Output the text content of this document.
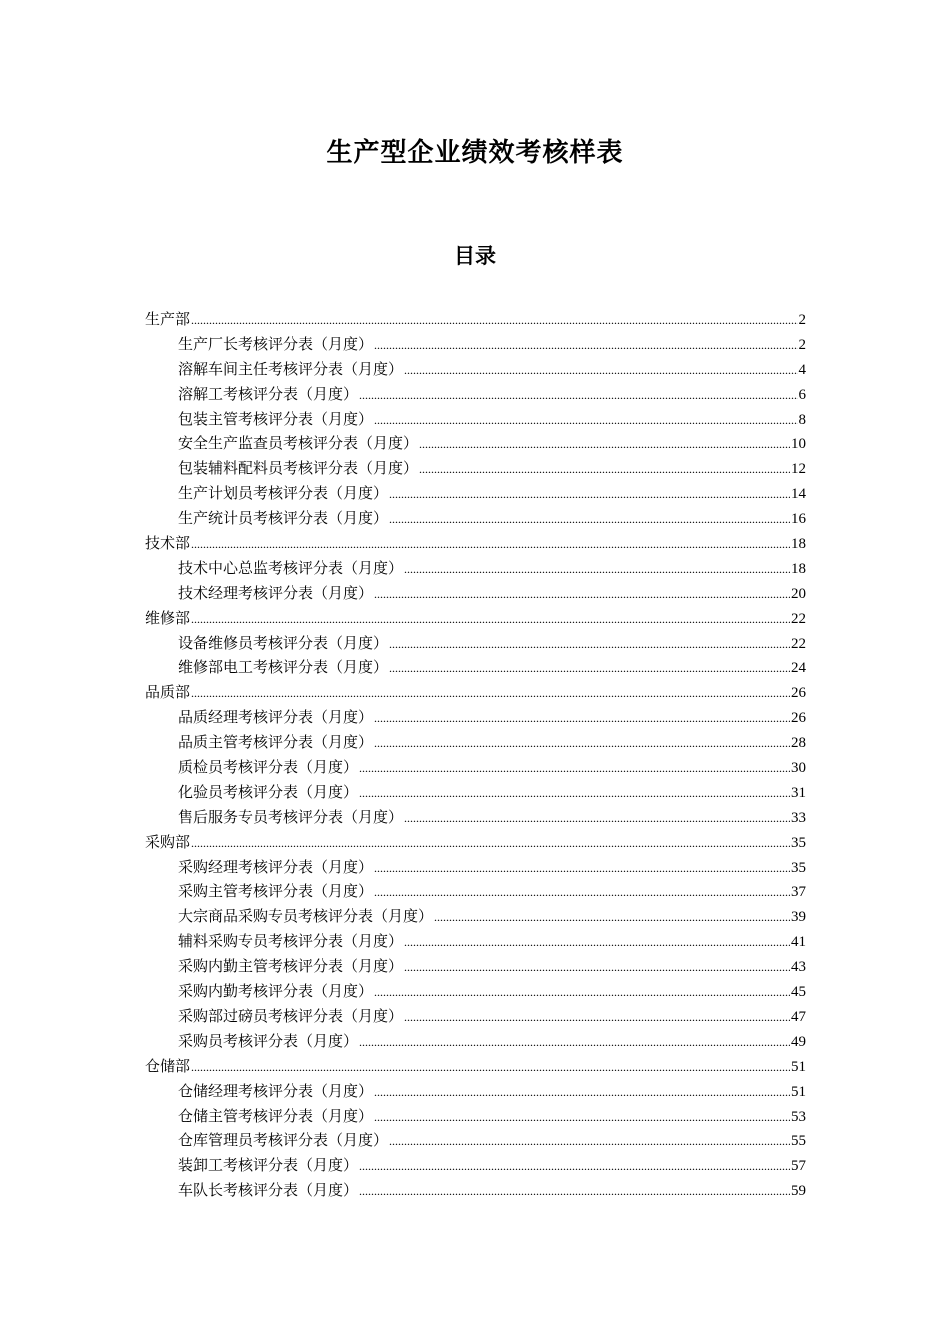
生产型企业绩效考核样表
目录
生产部 .....	2
生产厂长考核评分表（月度） .....	2
溶解车间主任考核评分表（月度） .....	4
溶解工考核评分表（月度） .....	6
包装主管考核评分表（月度） .....	8
安全生产监查员考核评分表（月度） .....	10
包装辅料配料员考核评分表（月度） .....	12
生产计划员考核评分表（月度） .....	14
生产统计员考核评分表（月度） .....	16
技术部 .....	18
技术中心总监考核评分表（月度） .....	18
技术经理考核评分表（月度） .....	20
维修部 .....	22
设备维修员考核评分表（月度） .....	22
维修部电工考核评分表（月度） .....	24
品质部 .....	26
品质经理考核评分表（月度） .....	26
品质主管考核评分表（月度） .....	28
质检员考核评分表（月度） .....	30
化验员考核评分表（月度） .....	31
售后服务专员考核评分表（月度） .....	33
采购部 .....	35
采购经理考核评分表（月度） .....	35
采购主管考核评分表（月度） .....	37
大宗商品采购专员考核评分表（月度） .....	39
辅料采购专员考核评分表（月度） .....	41
采购内勤主管考核评分表（月度） .....	43
采购内勤考核评分表（月度） .....	45
采购部过磅员考核评分表（月度） .....	47
采购员考核评分表（月度） .....	49
仓储部 .....	51
仓储经理考核评分表（月度） .....	51
仓储主管考核评分表（月度） .....	53
仓库管理员考核评分表（月度） .....	55
装卸工考核评分表（月度） .....	57
车队长考核评分表（月度） .....	59
